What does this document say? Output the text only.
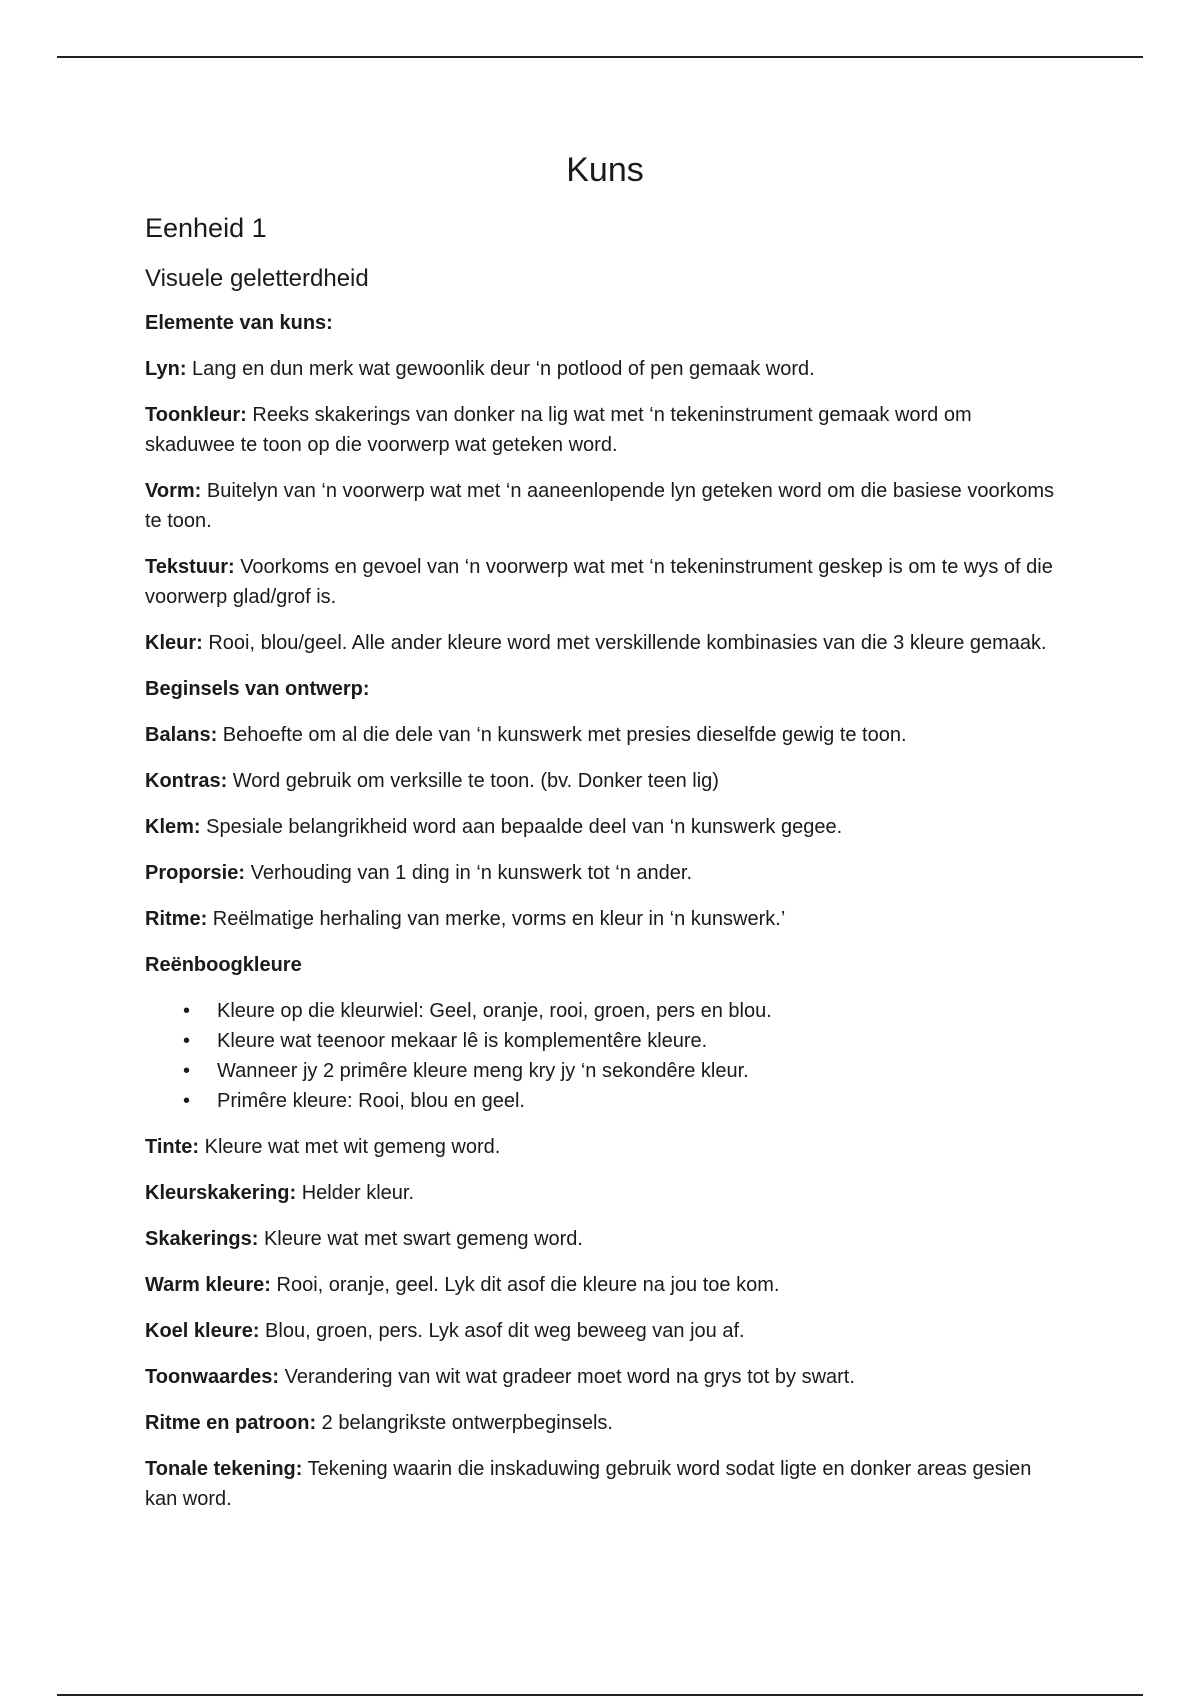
Kuns
Eenheid 1
Visuele geletterdheid
Elemente van kuns:

Lyn: Lang en dun merk wat gewoonlik deur ‘n potlood of pen gemaak word.

Toonkleur: Reeks skakerings van donker na lig wat met ‘n tekeninstrument gemaak word om skaduwee te toon op die voorwerp wat geteken word.

Vorm: Buitelyn van ‘n voorwerp wat met ‘n aaneenlopende lyn geteken word om die basiese voorkoms te toon.

Tekstuur: Voorkoms en gevoel van ‘n voorwerp wat met ‘n tekeninstrument geskep is om te wys of die voorwerp glad/grof is.

Kleur: Rooi, blou/geel. Alle ander kleure word met verskillende kombinasies van die 3 kleure gemaak.

Beginsels van ontwerp:

Balans: Behoefte om al die dele van ‘n kunswerk met presies dieselfde gewig te toon.

Kontras: Word gebruik om verksille te toon. (bv. Donker teen lig)

Klem: Spesiale belangrikheid word aan bepaalde deel van ‘n kunswerk gegee.

Proporsie: Verhouding van 1 ding in ‘n kunswerk tot ‘n ander.

Ritme: Reëlmatige herhaling van merke, vorms en kleur in ‘n kunswerk.’

Reënboogkleure
• Kleure op die kleurwiel: Geel, oranje, rooi, groen, pers en blou.
• Kleure wat teenoor mekaar lê is komplementêre kleure.
• Wanneer jy 2 primêre kleure meng kry jy ‘n sekondêre kleur.
• Primêre kleure: Rooi, blou en geel.

Tinte: Kleure wat met wit gemeng word.

Kleurskakering: Helder kleur.

Skakerings: Kleure wat met swart gemeng word.

Warm kleure: Rooi, oranje, geel. Lyk dit asof die kleure na jou toe kom.

Koel kleure: Blou, groen, pers. Lyk asof dit weg beweeg van jou af.

Toonwaardes: Verandering van wit wat gradeer moet word na grys tot by swart.

Ritme en patroon: 2 belangrikste ontwerpbeginsels.

Tonale tekening: Tekening waarin die inskaduwing gebruik word sodat ligte en donker areas gesien kan word.
